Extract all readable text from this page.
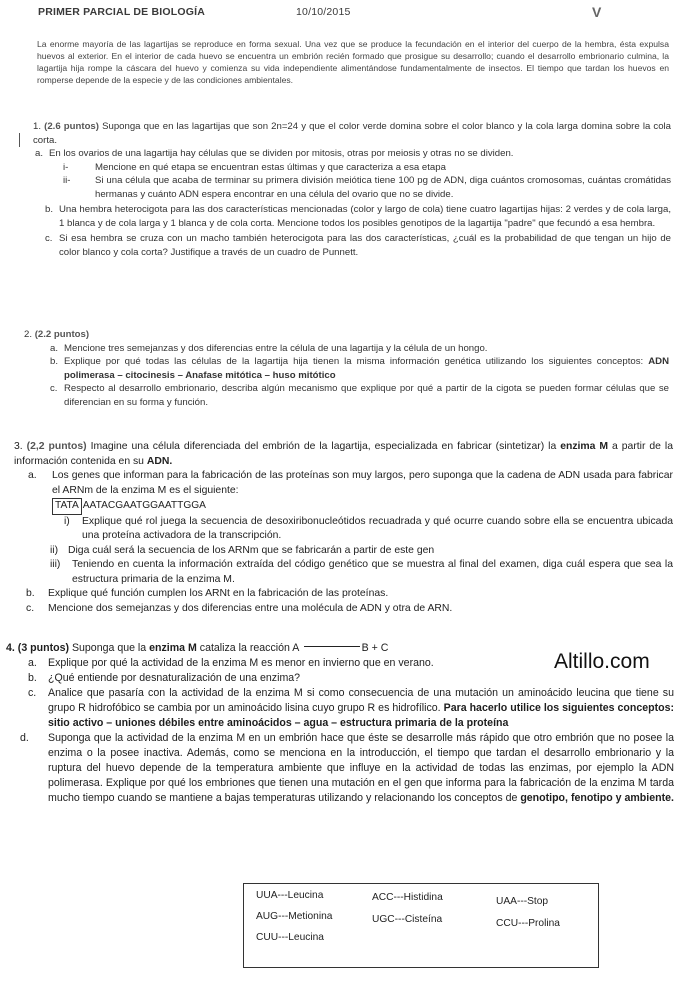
PRIMER PARCIAL DE BIOLOGÍA	10/10/2015	V
La enorme mayoría de las lagartijas se reproduce en forma sexual. Una vez que se produce la fecundación en el interior del cuerpo de la hembra, ésta expulsa huevos al exterior. En el interior de cada huevo se encuentra un embrión recién formado que prosigue su desarrollo; cuando el desarrollo embrionario culmina, la lagartija hija rompe la cáscara del huevo y comienza su vida independiente alimentándose fundamentalmente de insectos. El tiempo que tardan los huevos en romperse depende de la especie y de las condiciones ambientales.
1. (2.6 puntos) Suponga que en las lagartijas que son 2n=24 y que el color verde domina sobre el color blanco y la cola larga domina sobre la cola corta.
a. En los ovarios de una lagartija hay células que se dividen por mitosis, otras por meiosis y otras no se dividen.
i-	Mencione en qué etapa se encuentran estas últimas y que caracteriza a esa etapa
ii-	Si una célula que acaba de terminar su primera división meiótica tiene 100 pg de ADN, diga cuántos cromosomas, cuántas cromátidas hermanas y cuánto ADN espera encontrar en una célula del ovario que no se divide.
b. Una hembra heterocigota para las dos características mencionadas (color y largo de cola) tiene cuatro lagartijas hijas: 2 verdes y de cola larga, 1 blanca y de cola larga y 1 blanca y de cola corta. Mencione todos los posibles genotipos de la lagartija "padre" que fecundó a esa hembra.
c. Si esa hembra se cruza con un macho también heterocigota para las dos características, ¿cuál es la probabilidad de que tengan un hijo de color blanco y cola corta? Justifique a través de un cuadro de Punnett.
2. (2.2 puntos)
a. Mencione tres semejanzas y dos diferencias entre la célula de una lagartija y la célula de un hongo.
b. Explique por qué todas las células de la lagartija hija tienen la misma información genética utilizando los siguientes conceptos: ADN polimerasa – citocinesis – Anafase mitótica – huso mitótico
c. Respecto al desarrollo embrionario, describa algún mecanismo que explique por qué a partir de la cigota se pueden formar células que se diferencian en su forma y función.
3. (2,2 puntos) Imagine una célula diferenciada del embrión de la lagartija, especializada en fabricar (sintetizar) la enzima M a partir de la información contenida en su ADN.
a. Los genes que informan para la fabricación de las proteínas son muy largos, pero suponga que la cadena de ADN usada para fabricar el ARNm de la enzima M es el siguiente:
TATA AATACGAATGGAATTGGA
i) Explique qué rol juega la secuencia de desoxiribonucleótidos recuadrada y qué ocurre cuando sobre ella se encuentra ubicada una proteína activadora de la transcripción.
ii) Diga cuál será la secuencia de los ARNm que se fabricarán a partir de este gen
iii) Teniendo en cuenta la información extraída del código genético que se muestra al final del examen, diga cuál espera que sea la estructura primaria de la enzima M.
b. Explique qué función cumplen los ARNt en la fabricación de las proteínas.
c. Mencione dos semejanzas y dos diferencias entre una molécula de ADN y otra de ARN.
Altillo.com
4. (3 puntos) Suponga que la enzima M cataliza la reacción A	B + C
a. Explique por qué la actividad de la enzima M es menor en invierno que en verano.
b. ¿Qué entiende por desnaturalización de una enzima?
c. Analice que pasaría con la actividad de la enzima M si como consecuencia de una mutación un aminoácido leucina que tiene su grupo R hidrofóbico se cambia por un aminoácido lisina cuyo grupo R es hidrofílico. Para hacerlo utilice los siguientes conceptos: sitio activo – uniones débiles entre aminoácidos – agua – estructura primaria de la proteína
d. Suponga que la actividad de la enzima M en un embrión hace que éste se desarrolle más rápido que otro embrión que no posee la enzima o la posee inactiva. Además, como se menciona en la introducción, el tiempo que tardan el desarrollo embrionario y la ruptura del huevo depende de la temperatura ambiente que influye en la actividad de todas las enzimas, por ejemplo la ADN polimerasa. Explique por qué los embriones que tienen una mutación en el gen que informa para la fabricación de la enzima M tarda mucho tiempo cuando se mantiene a bajas temperaturas utilizando y relacionando los conceptos de genotipo, fenotipo y ambiente.
UUA---Leucina	ACC---Histidina	UAA---Stop
AUG---Metionina	UGC---Cisteína	CCU---Prolina
CUU---Leucina
